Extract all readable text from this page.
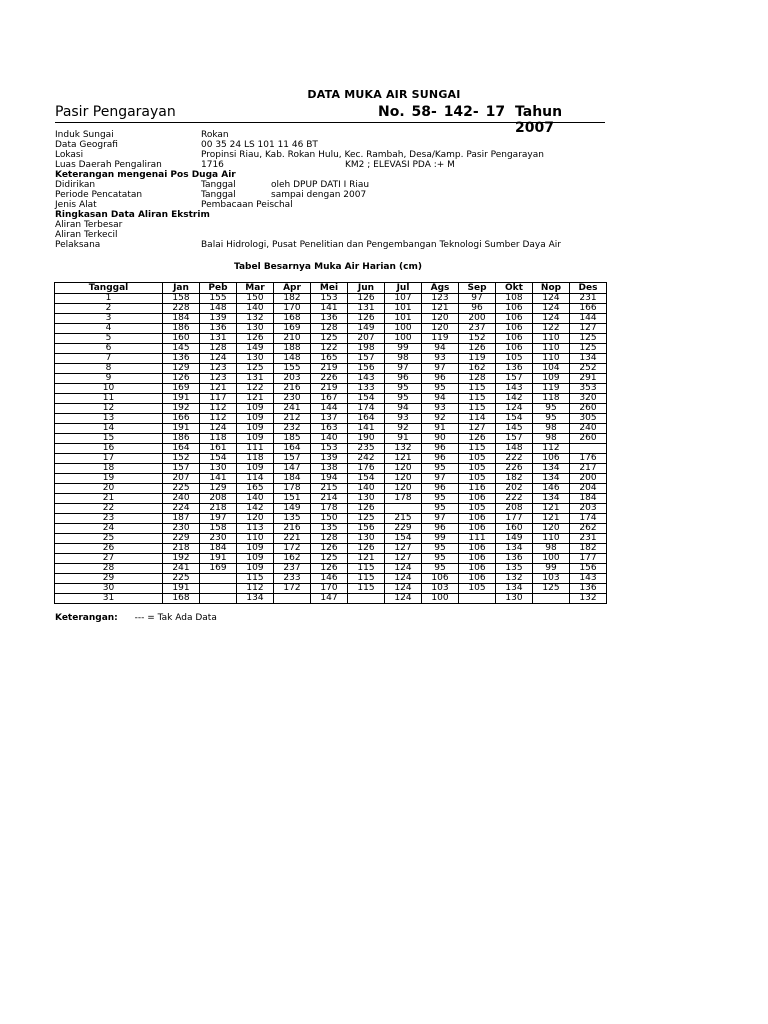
DATA MUKA AIR SUNGAI
Pasir Pengarayan	No. 58- 142- 17 Tahun 2007
Induk Sungai	Rokan
Data Geografi	00 35 24 LS 101 11 46 BT
Lokasi	Propinsi Riau, Kab. Rokan Hulu, Kec. Rambah, Desa/Kamp. Pasir Pengarayan
Luas Daerah Pengaliran	1716	KM2 ; ELEVASI PDA :+ M
Keterangan mengenai Pos Duga Air
Didirikan	Tanggal	oleh DPUP DATI I Riau
Periode Pencatatan	Tanggal	sampai dengan 2007
Jenis Alat	Pembacaan Peischal
Ringkasan Data Aliran Ekstrim
Aliran Terbesar
Aliran Terkecil
Pelaksana	Balai Hidrologi, Pusat Penelitian dan Pengembangan Teknologi Sumber Daya Air
Tabel Besarnya Muka Air Harian (cm)
Tanggal	Jan	Peb	Mar	Apr	Mei	Jun	Jul	Ags	Sep	Okt	Nop	Des
1	158	155	150	182	153	126	107	123	97	108	124	231
2	228	148	140	170	141	131	101	121	96	106	124	166
3	184	139	132	168	136	126	101	120	200	106	124	144
4	186	136	130	169	128	149	100	120	237	106	122	127
5	160	131	126	210	125	207	100	119	152	106	110	125
6	145	128	149	188	122	198	99	94	126	106	110	125
7	136	124	130	148	165	157	98	93	119	105	110	134
8	129	123	125	155	219	156	97	97	162	136	104	252
9	126	123	131	203	226	143	96	96	128	157	109	291
10	169	121	122	216	219	133	95	95	115	143	119	353
11	191	117	121	230	167	154	95	94	115	142	118	320
12	192	112	109	241	144	174	94	93	115	124	95	260
13	166	112	109	212	137	164	93	92	114	154	95	305
14	191	124	109	232	163	141	92	91	127	145	98	240
15	186	118	109	185	140	190	91	90	126	157	98	260
16	164	161	111	164	153	235	132	96	115	148	112	
17	152	154	118	157	139	242	121	96	105	222	106	176
18	157	130	109	147	138	176	120	95	105	226	134	217
19	207	141	114	184	194	154	120	97	105	182	134	200
20	225	129	165	178	215	140	120	96	116	202	146	204
21	240	208	140	151	214	130	178	95	106	222	134	184
22	224	218	142	149	178	126		95	105	208	121	203
23	187	197	120	135	150	125	215	97	106	177	121	174
24	230	158	113	216	135	156	229	96	106	160	120	262
25	229	230	110	221	128	130	154	99	111	149	110	231
26	218	184	109	172	126	126	127	95	106	134	98	182
27	192	191	109	162	125	121	127	95	106	136	100	177
28	241	169	109	237	126	115	124	95	106	135	99	156
29	225		115	233	146	115	124	106	106	132	103	143
30	191		112	172	170	115	124	103	105	134	125	136
31	168		134		147		124	100		130		132
Keterangan: --- = Tak Ada Data
